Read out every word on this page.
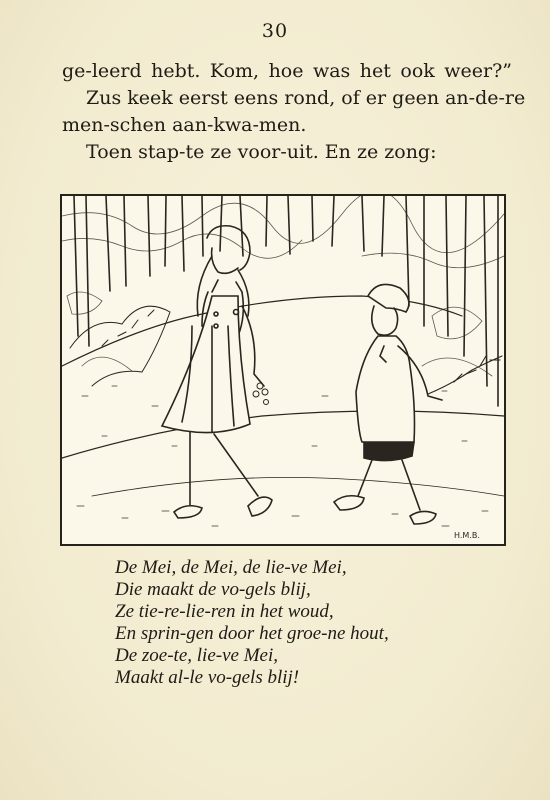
30
ge-leerd hebt. Kom, hoe was het ook weer?”
Zus keek eerst eens rond, of er geen an-de-re
men-schen aan-kwa-men.
Toen stap-te ze voor-uit. En ze zong:
H.M.B.
De Mei, de Mei, de lie-ve Mei,
Die maakt de vo-gels blij,
Ze tie-re-lie-ren in het woud,
En sprin-gen door het groe-ne hout,
De zoe-te, lie-ve Mei,
Maakt al-le vo-gels blij!
